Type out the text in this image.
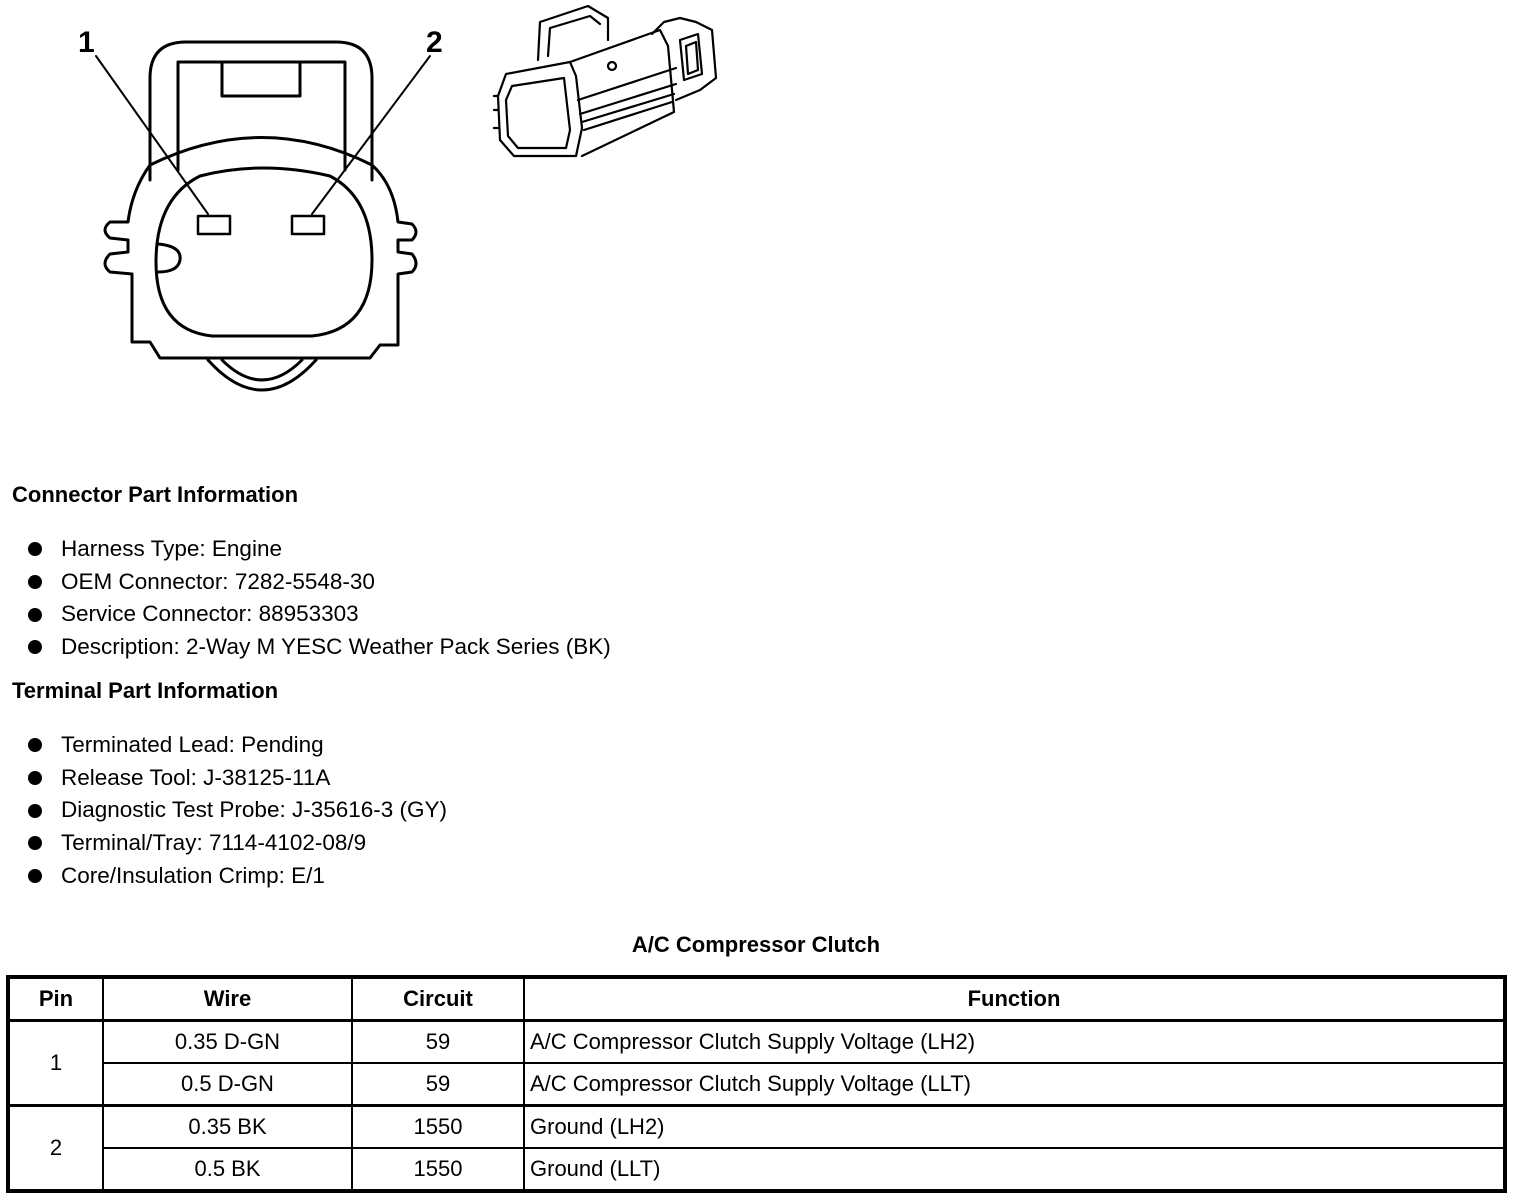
1	2
Connector Part Information
Harness Type: Engine
OEM Connector: 7282-5548-30
Service Connector: 88953303
Description: 2-Way M YESC Weather Pack Series (BK)
Terminal Part Information
Terminated Lead: Pending
Release Tool: J-38125-11A
Diagnostic Test Probe: J-35616-3 (GY)
Terminal/Tray: 7114-4102-08/9
Core/Insulation Crimp: E/1
A/C Compressor Clutch
Pin	Wire	Circuit	Function
1	0.35 D-GN	59	A/C Compressor Clutch Supply Voltage (LH2)
	0.5 D-GN	59	A/C Compressor Clutch Supply Voltage (LLT)
2	0.35 BK	1550	Ground (LH2)
	0.5 BK	1550	Ground (LLT)
